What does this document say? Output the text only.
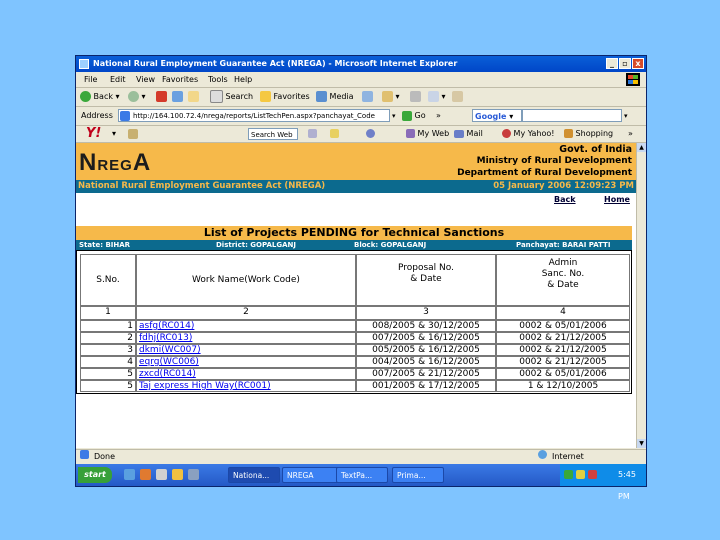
National Rural Employment Guarantee Act (NREGA) - Microsoft Internet Explorer	_	▫ x
File Edit View Favorites Tools Help
Back ▾	▾	Search	Favorites	Media	▾	▾
Address	http://164.100.72.4/nrega/reports/ListTechPen.aspx?panchayat_Code	▾	Go »	Google ▾	▾
Y! ▾	Search Web	My Web	Mail	My Yahoo!	Shopping »
NREGA	Govt. of India
Ministry of Rural Development
Department of Rural Development
National Rural Employment Guarantee Act (NREGA)	05 January 2006 12:09:23 PM
Back	Home
List of Projects PENDING for Technical Sanctions
State: BIHAR	District: GOPALGANJ	Block: GOPALGANJ	Panchayat: BARAI PATTI
S.No.	Work Name(Work Code)
Proposal No.
& Date
Admin
Sanc. No.
& Date
1	2	3	4
1 asfg(RC014)	008/2005 & 30/12/2005	0002 & 05/01/2006
2 fdhj(RC013)	007/2005 & 16/12/2005	0002 & 21/12/2005
3 dkmi(WC007)	005/2005 & 16/12/2005	0002 & 21/12/2005
4 eqrg(WC006)	004/2005 & 16/12/2005	0002 & 21/12/2005
5 zxcd(RC014)	007/2005 & 21/12/2005	0002 & 05/01/2006
5 Taj express High Way(RC001)	001/2005 & 17/12/2005	1 & 12/10/2005
▲
▼
Done	Internet
start	Nationa...	NREGA	TextPa...	Prima...	5:45 PM
